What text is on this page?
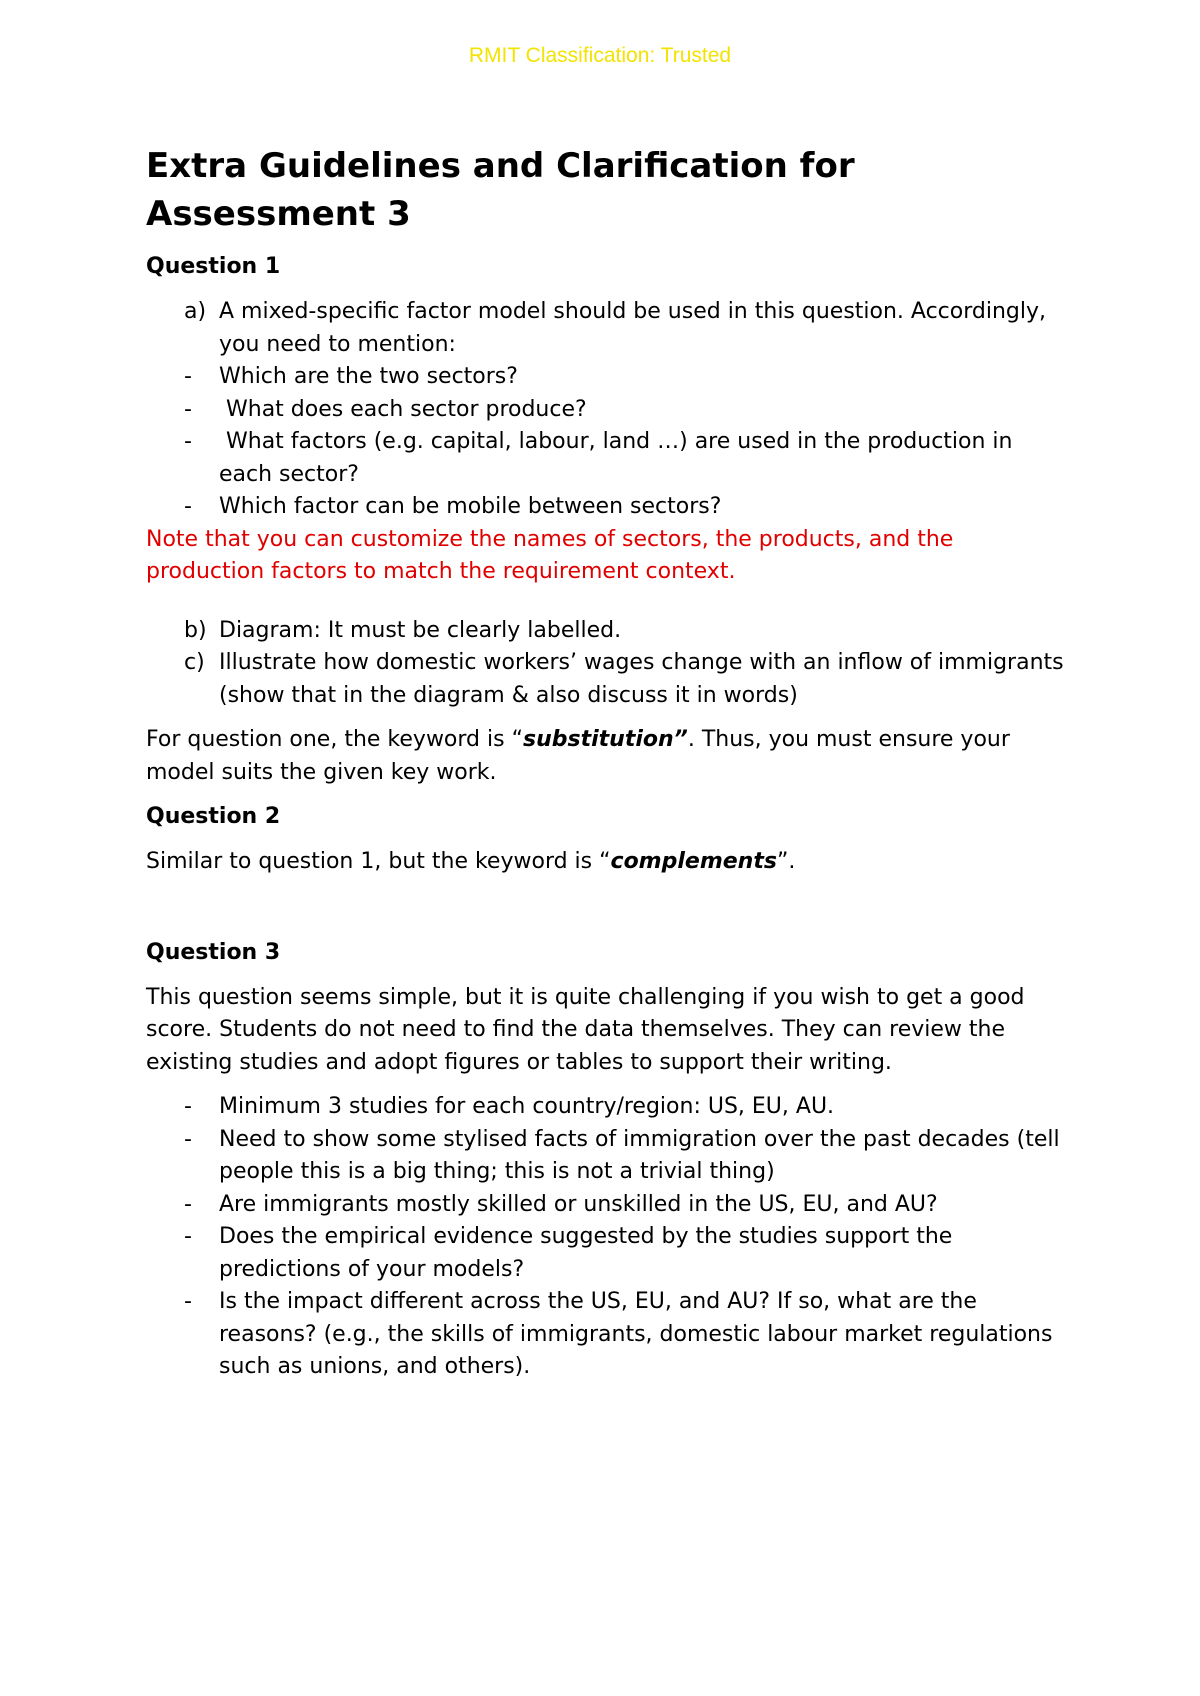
RMIT Classification: Trusted
Extra Guidelines and Clarification for
Assessment 3
Question 1
a) A mixed-specific factor model should be used in this question. Accordingly, you need to mention:
- Which are the two sectors?
- What does each sector produce?
- What factors (e.g. capital, labour, land …) are used in the production in each sector?
- Which factor can be mobile between sectors?
Note that you can customize the names of sectors, the products, and the production factors to match the requirement context.
b) Diagram: It must be clearly labelled.
c) Illustrate how domestic workers’ wages change with an inflow of immigrants (show that in the diagram & also discuss it in words)

For question one, the keyword is “substitution”. Thus, you must ensure your model suits the given key work.

Question 2

Similar to question 1, but the keyword is “complements”.

Question 3

This question seems simple, but it is quite challenging if you wish to get a good score. Students do not need to find the data themselves. They can review the existing studies and adopt figures or tables to support their writing.

- Minimum 3 studies for each country/region: US, EU, AU.
- Need to show some stylised facts of immigration over the past decades (tell people this is a big thing; this is not a trivial thing)
- Are immigrants mostly skilled or unskilled in the US, EU, and AU?
- Does the empirical evidence suggested by the studies support the predictions of your models?
- Is the impact different across the US, EU, and AU? If so, what are the reasons? (e.g., the skills of immigrants, domestic labour market regulations such as unions, and others).
